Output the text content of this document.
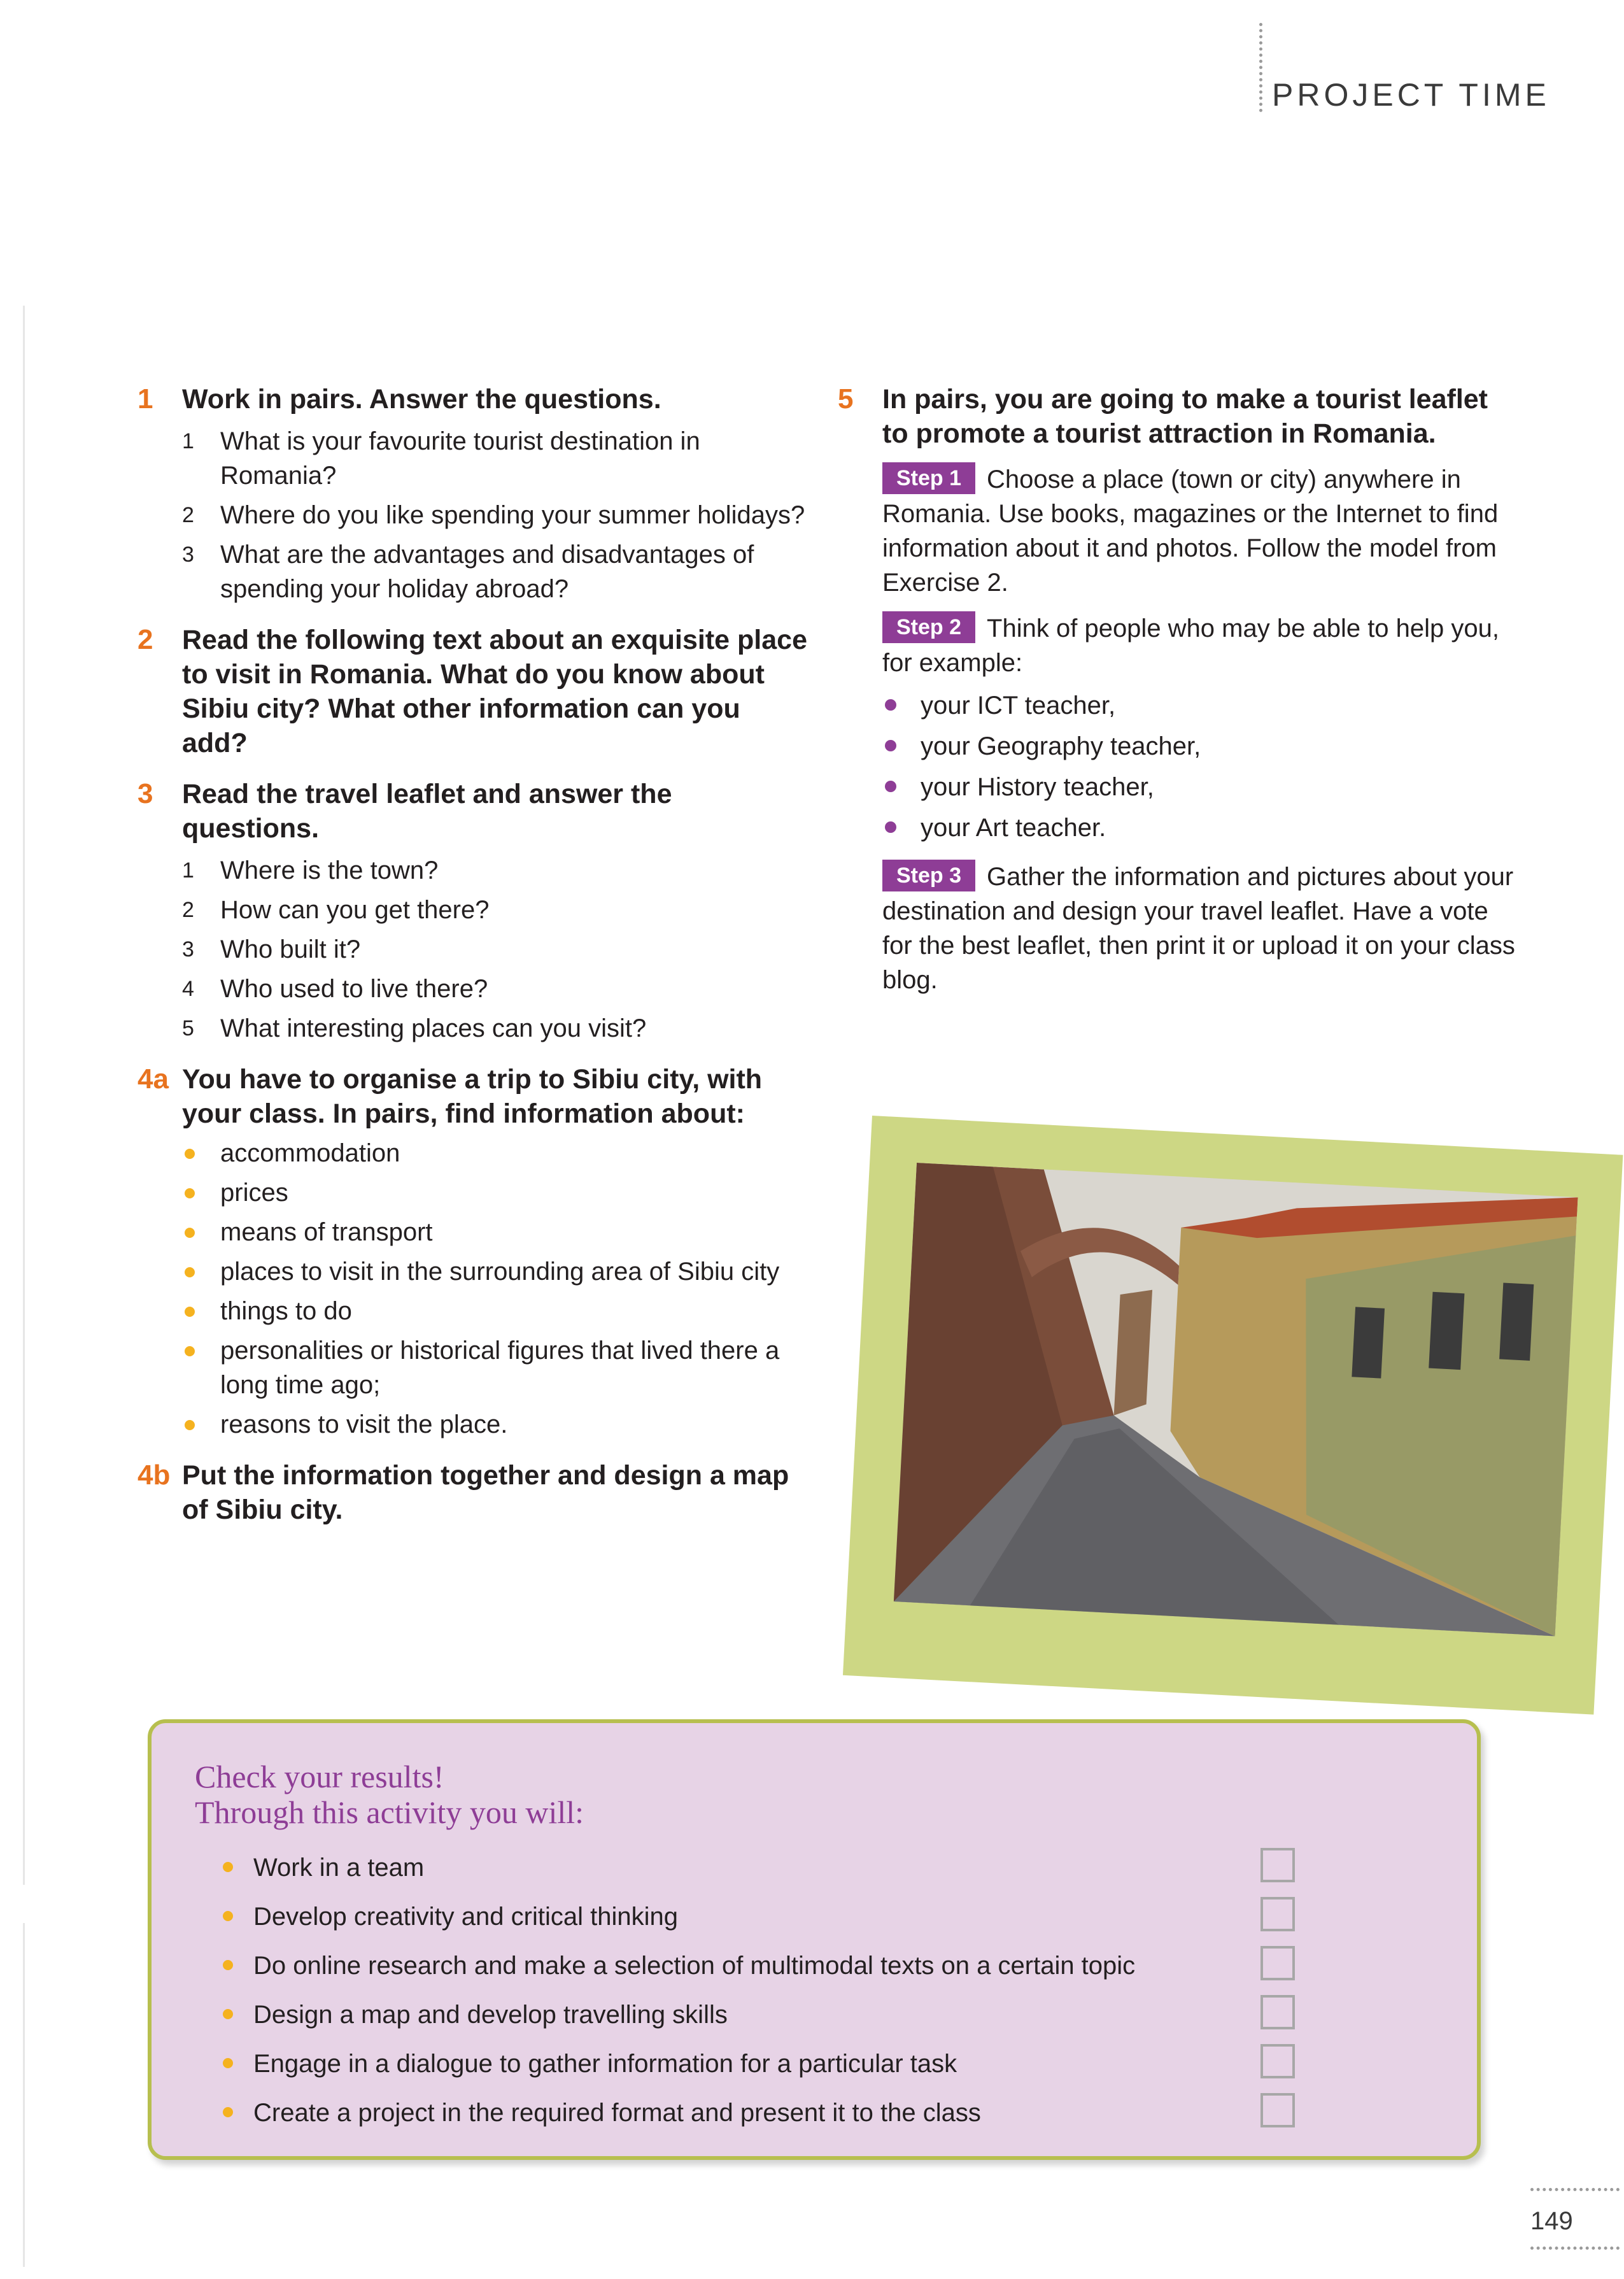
PROJECT TIME
1 Work in pairs. Answer the questions.
1 What is your favourite tourist destination in Romania?
2 Where do you like spending your summer holidays?
3 What are the advantages and disadvantages of spending your holiday abroad?
2 Read the following text about an exquisite place to visit in Romania. What do you know about Sibiu city? What other information can you add?
3 Read the travel leaflet and answer the questions.
1 Where is the town?
2 How can you get there?
3 Who built it?
4 Who used to live there?
5 What interesting places can you visit?
4a You have to organise a trip to Sibiu city, with your class. In pairs, find information about:
accommodation
prices
means of transport
places to visit in the surrounding area of Sibiu city
things to do
personalities or historical figures that lived there a long time ago;
reasons to visit the place.
4b Put the information together and design a map of Sibiu city.
5 In pairs, you are going to make a tourist leaflet to promote a tourist attraction in Romania.
Step 1 Choose a place (town or city) anywhere in Romania. Use books, magazines or the Internet to find information about it and photos. Follow the model from Exercise 2.
Step 2 Think of people who may be able to help you, for example:
your ICT teacher,
your Geography teacher,
your History teacher,
your Art teacher.
Step 3 Gather the information and pictures about your destination and design your travel leaflet. Have a vote for the best leaflet, then print it or upload it on your class blog.
Check your results!
Through this activity you will:
Work in a team
Develop creativity and critical thinking
Do online research and make a selection of multimodal texts on a certain topic
Design a map and develop travelling skills
Engage in a dialogue to gather information for a particular task
Create a project in the required format and present it to the class
149
